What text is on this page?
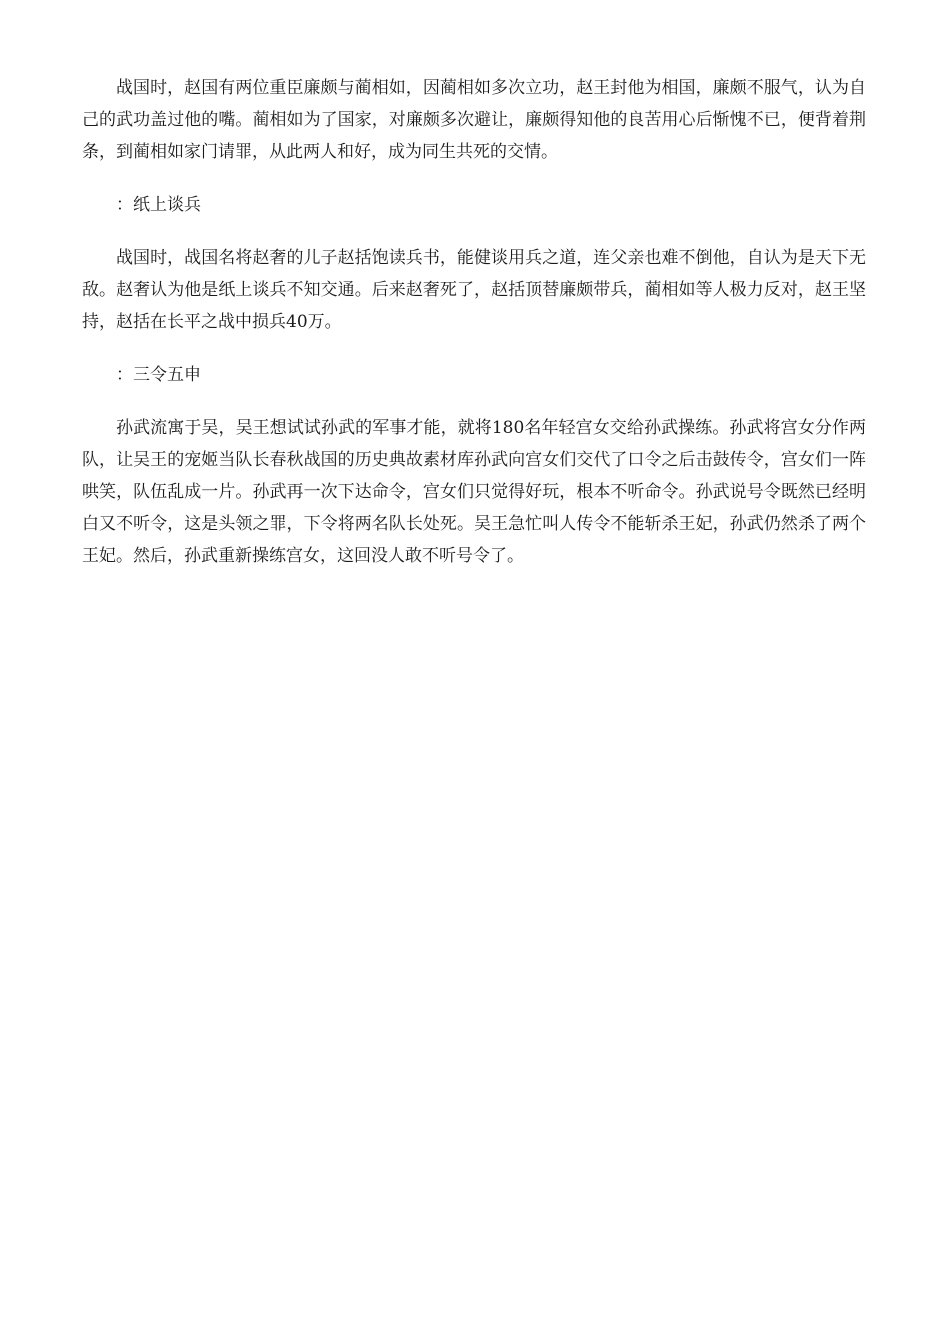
战国时，赵国有两位重臣廉颇与蔺相如，因蔺相如多次立功，赵王封他为相国，廉颇不服气，认为自己的武功盖过他的嘴。蔺相如为了国家，对廉颇多次避让，廉颇得知他的良苦用心后惭愧不已，便背着荆条，到蔺相如家门请罪，从此两人和好，成为同生共死的交情。

：纸上谈兵

战国时，战国名将赵奢的儿子赵括饱读兵书，能健谈用兵之道，连父亲也难不倒他，自认为是天下无敌。赵奢认为他是纸上谈兵不知交通。后来赵奢死了，赵括顶替廉颇带兵，蔺相如等人极力反对，赵王坚持，赵括在长平之战中损兵40万。

：三令五申

孙武流寓于吴，吴王想试试孙武的军事才能，就将180名年轻宫女交给孙武操练。孙武将宫女分作两队，让吴王的宠姬当队长春秋战国的历史典故素材库孙武向宫女们交代了口令之后击鼓传令，宫女们一阵哄笑，队伍乱成一片。孙武再一次下达命令，宫女们只觉得好玩，根本不听命令。孙武说号令既然已经明白又不听令，这是头领之罪，下令将两名队长处死。吴王急忙叫人传令不能斩杀王妃，孙武仍然杀了两个王妃。然后，孙武重新操练宫女，这回没人敢不听号令了。
